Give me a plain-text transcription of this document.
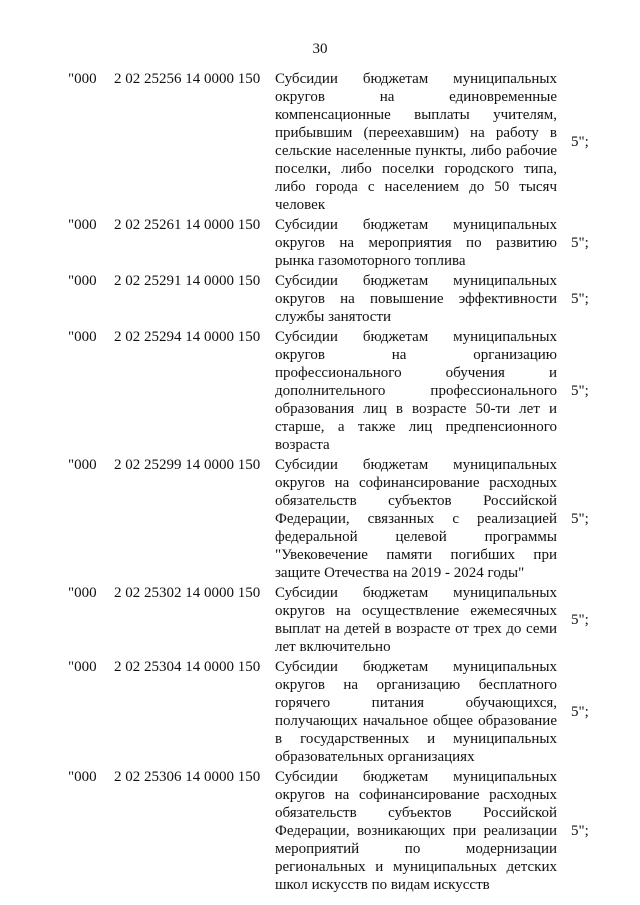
30
"000 2 02 25256 14 0000 150 Субсидии бюджетам муниципальных округов на единовременные компенсационные выплаты учителям, прибывшим (переехавшим) на работу в сельские населенные пункты, либо рабочие поселки, либо поселки городского типа, либо города с населением до 50 тысяч человек
5";
"000 2 02 25261 14 0000 150 Субсидии бюджетам муниципальных округов на мероприятия по развитию рынка газомоторного топлива
5";
"000 2 02 25291 14 0000 150 Субсидии бюджетам муниципальных округов на повышение эффективности службы занятости
5";
"000 2 02 25294 14 0000 150 Субсидии бюджетам муниципальных округов на организацию профессионального обучения и дополнительного профессионального образования лиц в возрасте 50-ти лет и старше, а также лиц предпенсионного возраста
5";
"000 2 02 25299 14 0000 150 Субсидии бюджетам муниципальных округов на софинансирование расходных обязательств субъектов Российской Федерации, связанных с реализацией федеральной целевой программы "Увековечение памяти погибших при защите Отечества на 2019 - 2024 годы"
5";
"000 2 02 25302 14 0000 150 Субсидии бюджетам муниципальных округов на осуществление ежемесячных выплат на детей в возрасте от трех до семи лет включительно
5";
"000 2 02 25304 14 0000 150 Субсидии бюджетам муниципальных округов на организацию бесплатного горячего питания обучающихся, получающих начальное общее образование в государственных и муниципальных образовательных организациях
5";
"000 2 02 25306 14 0000 150 Субсидии бюджетам муниципальных округов на софинансирование расходных обязательств субъектов Российской Федерации, возникающих при реализации мероприятий по модернизации региональных и муниципальных детских школ искусств по видам искусств
5";
